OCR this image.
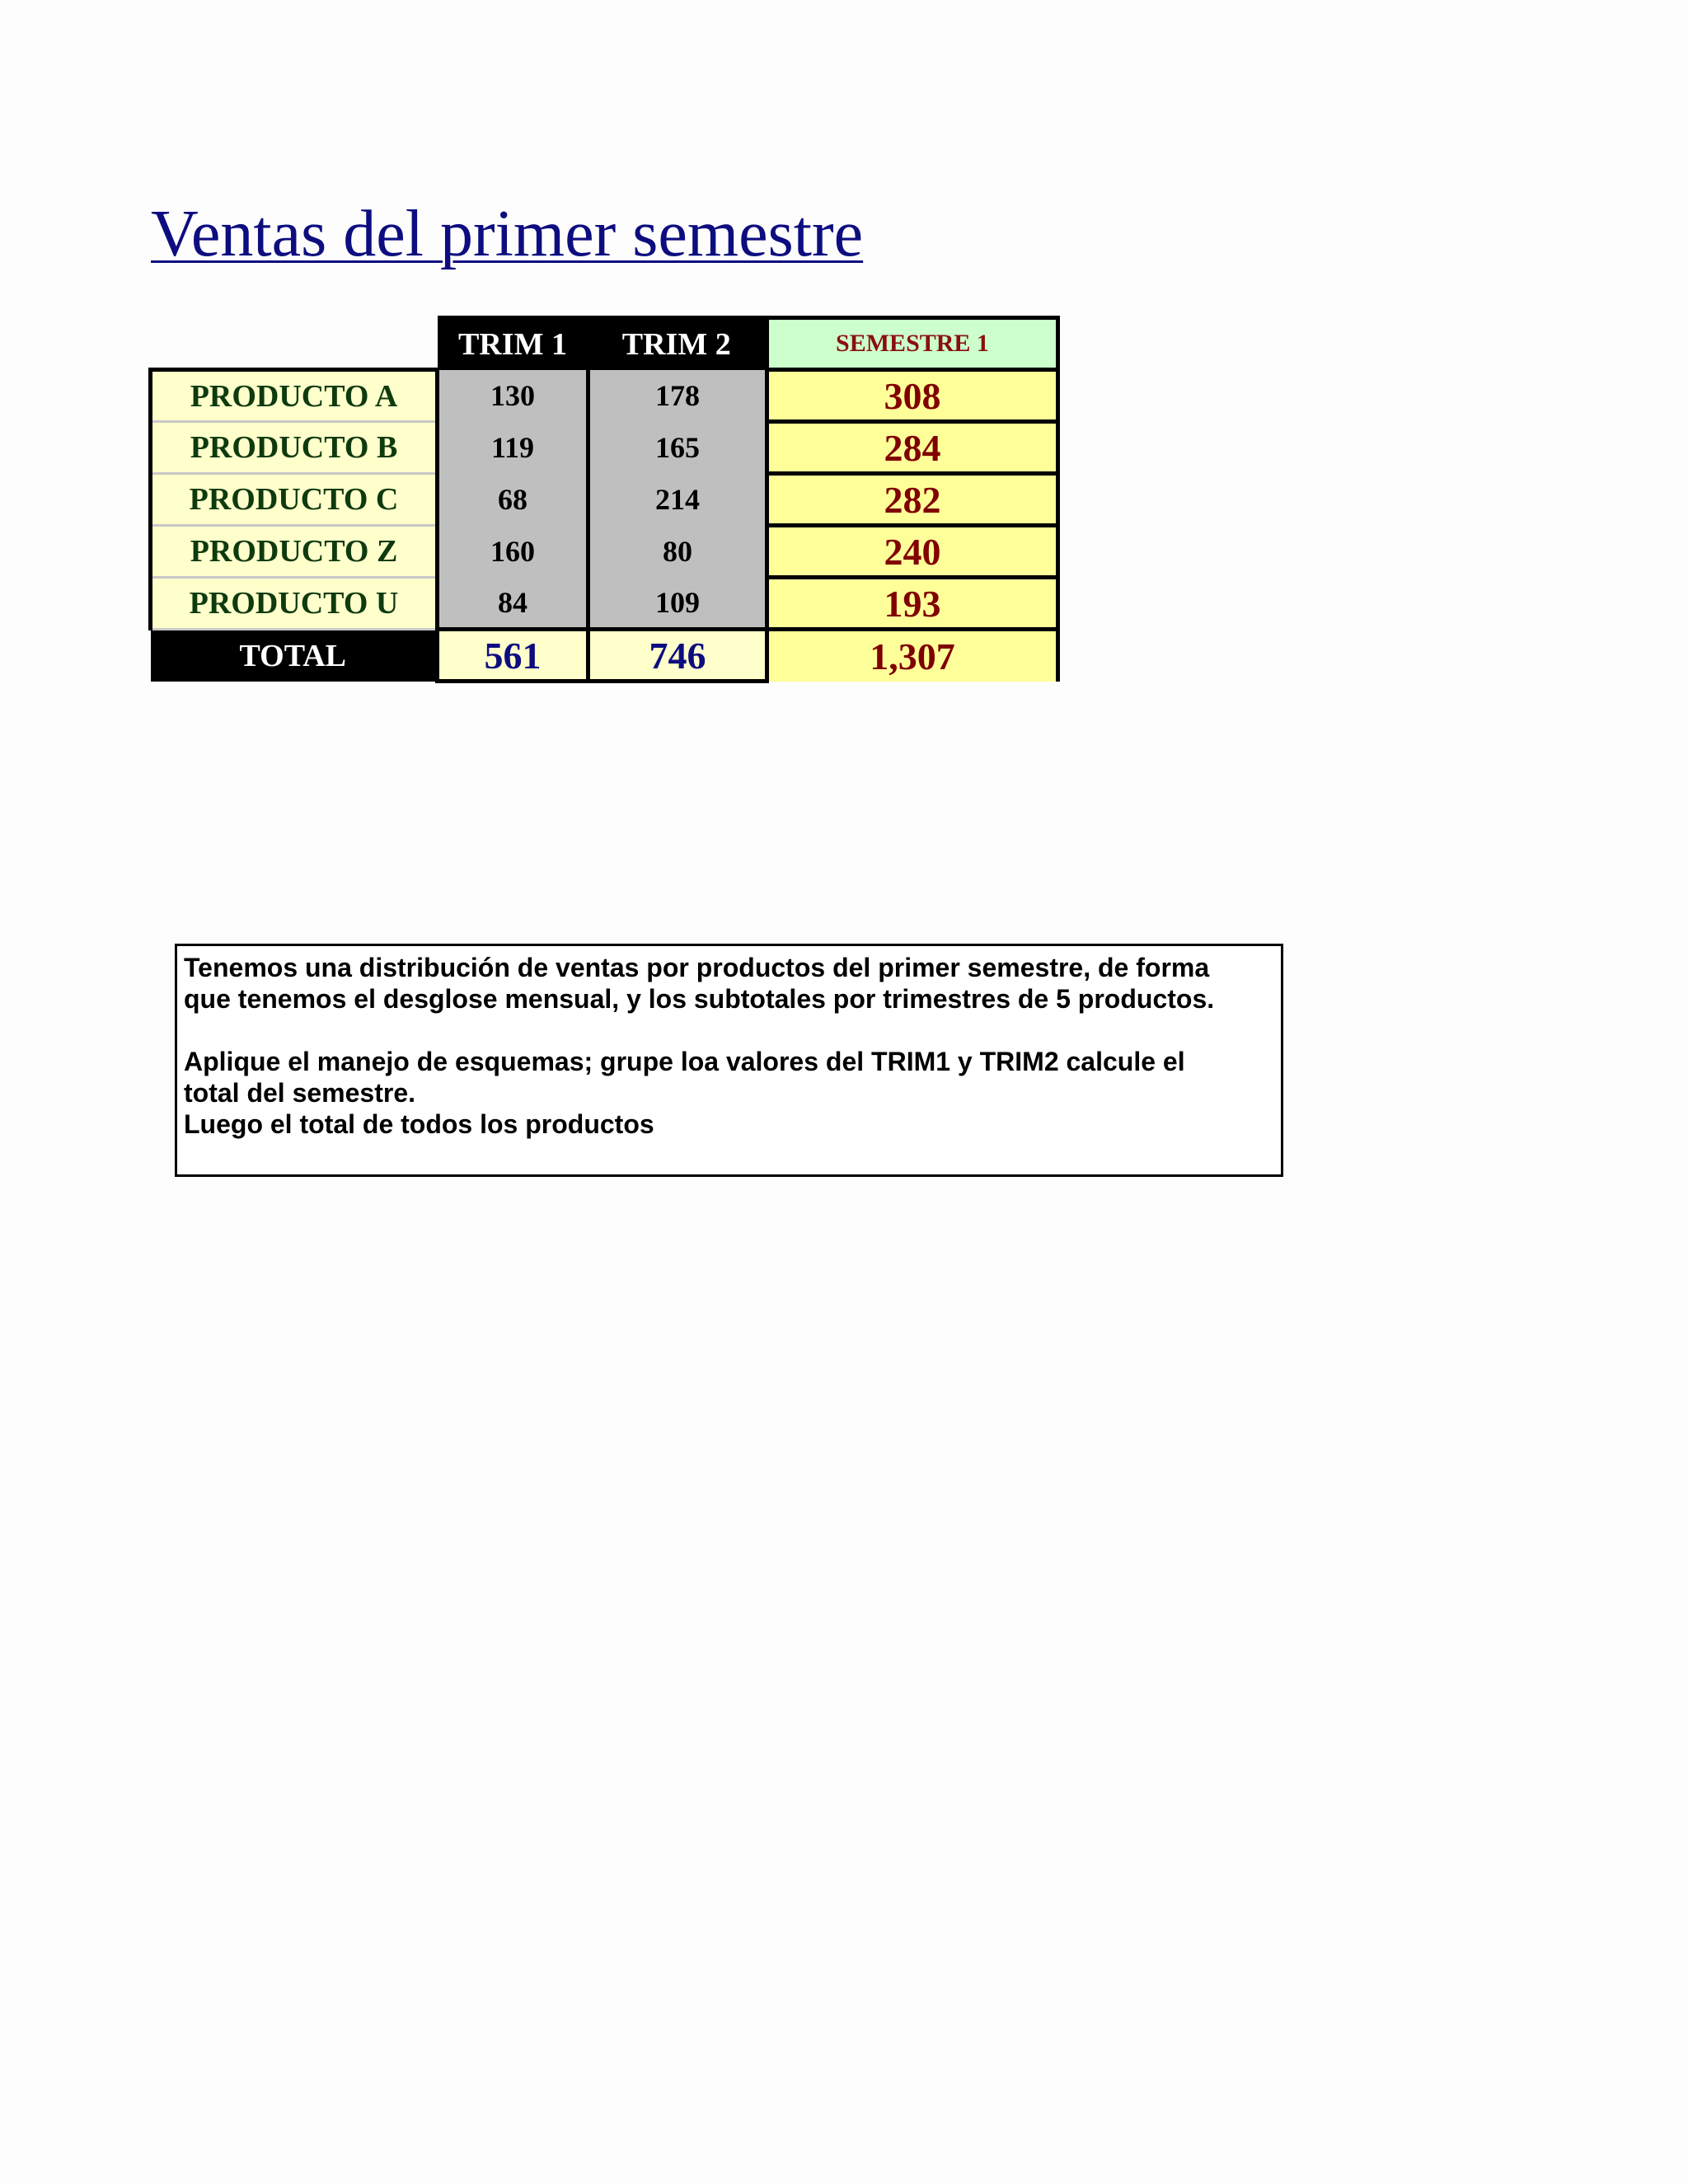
Ventas del primer semestre
	TRIM 1	TRIM 2	SEMESTRE 1
PRODUCTO A	130	178	308
PRODUCTO B	119	165	284
PRODUCTO C	68	214	282
PRODUCTO Z	160	80	240
PRODUCTO U	84	109	193
TOTAL	561	746	1,307

Tenemos una distribución de ventas por productos del primer semestre, de forma

que tenemos el desglose mensual, y los subtotales por trimestres de 5 productos.

Aplique el manejo de esquemas; grupe loa valores del TRIM1 y TRIM2 calcule el

total del semestre.

Luego el total de todos los productos
